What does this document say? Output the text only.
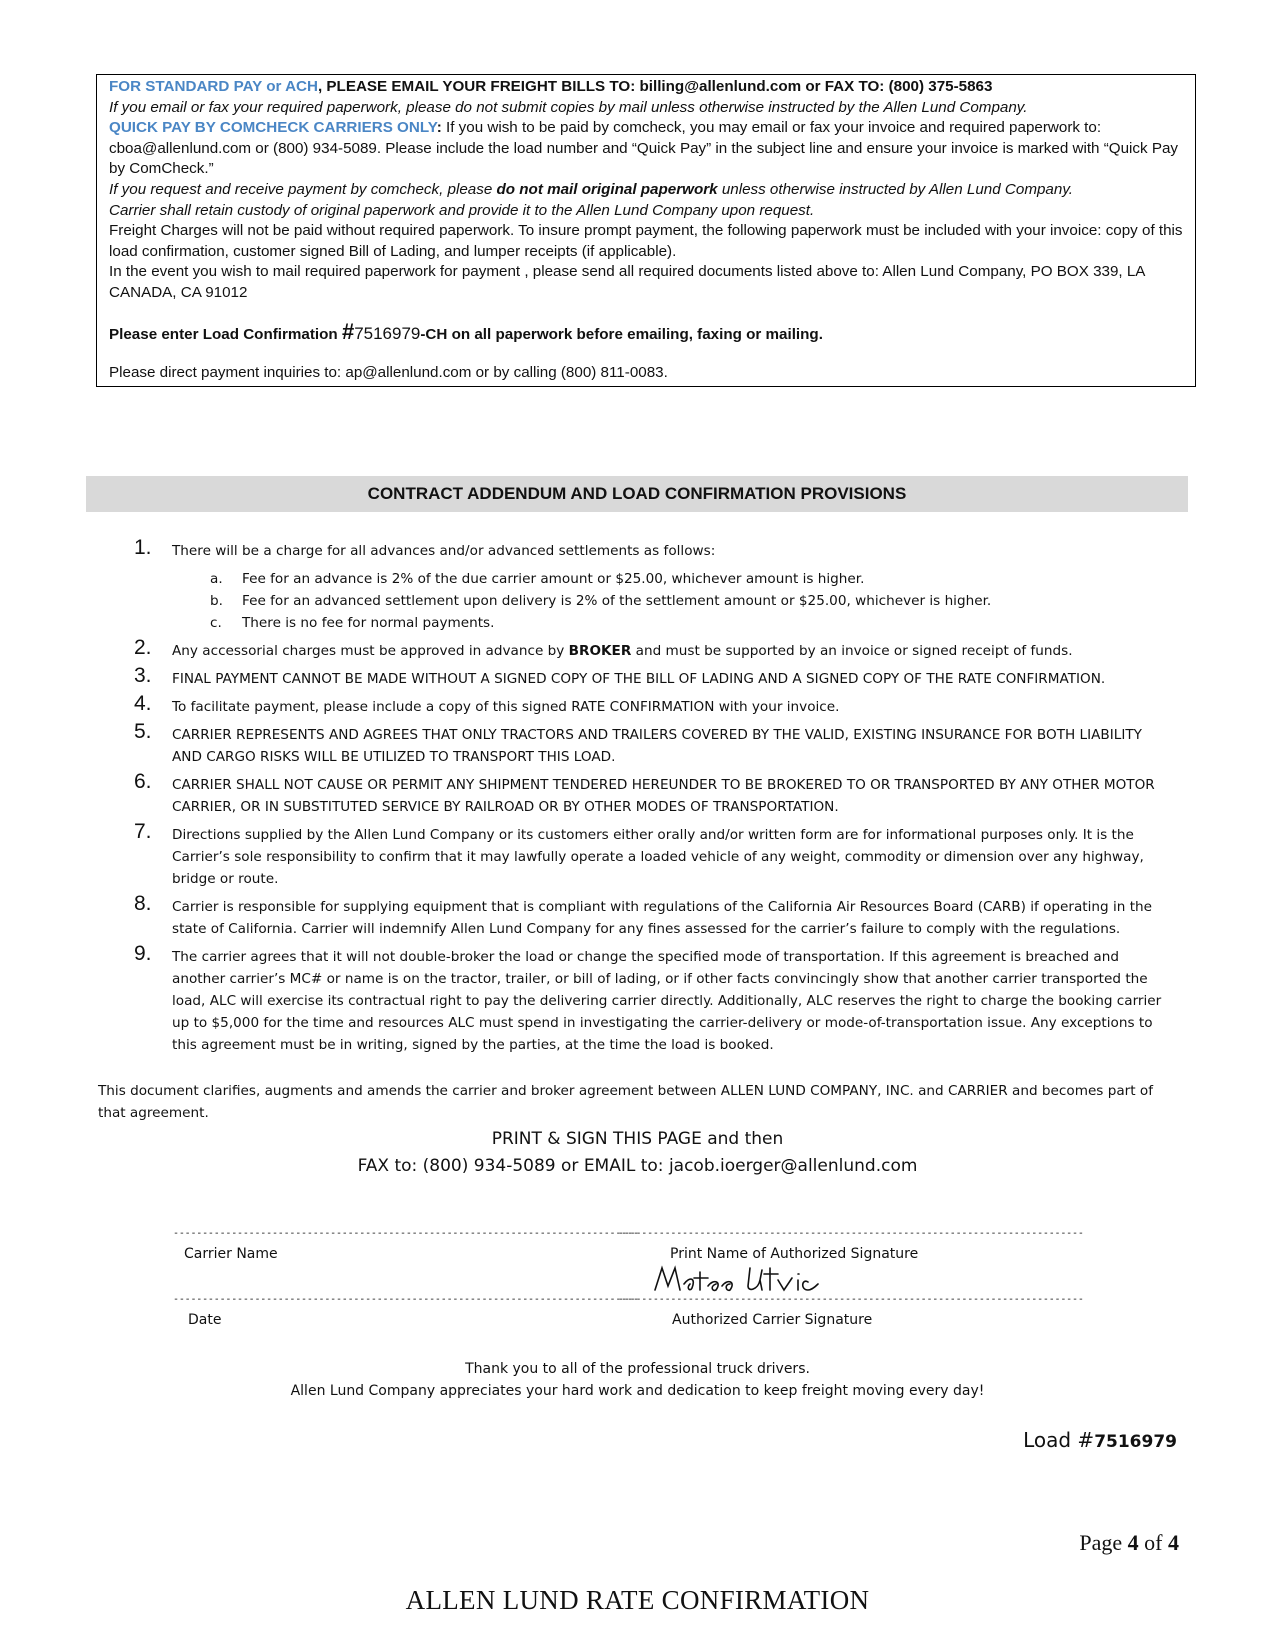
FOR STANDARD PAY or ACH, PLEASE EMAIL YOUR FREIGHT BILLS TO: billing@allenlund.com or FAX TO: (800) 375-5863

If you email or fax your required paperwork, please do not submit copies by mail unless otherwise instructed by the Allen Lund Company.

QUICK PAY BY COMCHECK CARRIERS ONLY: If you wish to be paid by comcheck, you may email or fax your invoice and required paperwork to: cboa@allenlund.com or (800) 934-5089. Please include the load number and “Quick Pay” in the subject line and ensure your invoice is marked with “Quick Pay by ComCheck.”

If you request and receive payment by comcheck, please do not mail original paperwork unless otherwise instructed by Allen Lund Company.

Carrier shall retain custody of original paperwork and provide it to the Allen Lund Company upon request.

Freight Charges will not be paid without required paperwork. To insure prompt payment, the following paperwork must be included with your invoice: copy of this load confirmation, customer signed Bill of Lading, and lumper receipts (if applicable).

In the event you wish to mail required paperwork for payment , please send all required documents listed above to: Allen Lund Company, PO BOX 339, LA CANADA, CA 91012

Please enter Load Confirmation #7516979-CH on all paperwork before emailing, faxing or mailing.

Please direct payment inquiries to: ap@allenlund.com or by calling (800) 811-0083.

CONTRACT ADDENDUM AND LOAD CONFIRMATION PROVISIONS
1. There will be a charge for all advances and/or advanced settlements as follows:
a. Fee for an advance is 2% of the due carrier amount or $25.00, whichever amount is higher.
b. Fee for an advanced settlement upon delivery is 2% of the settlement amount or $25.00, whichever is higher.
c. There is no fee for normal payments.
2. Any accessorial charges must be approved in advance by BROKER and must be supported by an invoice or signed receipt of funds.
3. FINAL PAYMENT CANNOT BE MADE WITHOUT A SIGNED COPY OF THE BILL OF LADING AND A SIGNED COPY OF THE RATE CONFIRMATION.
4. To facilitate payment, please include a copy of this signed RATE CONFIRMATION with your invoice.
5. CARRIER REPRESENTS AND AGREES THAT ONLY TRACTORS AND TRAILERS COVERED BY THE VALID, EXISTING INSURANCE FOR BOTH LIABILITY AND CARGO RISKS WILL BE UTILIZED TO TRANSPORT THIS LOAD.
6. CARRIER SHALL NOT CAUSE OR PERMIT ANY SHIPMENT TENDERED HEREUNDER TO BE BROKERED TO OR TRANSPORTED BY ANY OTHER MOTOR CARRIER, OR IN SUBSTITUTED SERVICE BY RAILROAD OR BY OTHER MODES OF TRANSPORTATION.
7. Directions supplied by the Allen Lund Company or its customers either orally and/or written form are for informational purposes only. It is the Carrier’s sole responsibility to confirm that it may lawfully operate a loaded vehicle of any weight, commodity or dimension over any highway, bridge or route.
8. Carrier is responsible for supplying equipment that is compliant with regulations of the California Air Resources Board (CARB) if operating in the state of California. Carrier will indemnify Allen Lund Company for any fines assessed for the carrier’s failure to comply with the regulations.
9. The carrier agrees that it will not double-broker the load or change the specified mode of transportation. If this agreement is breached and another carrier’s MC# or name is on the tractor, trailer, or bill of lading, or if other facts convincingly show that another carrier transported the load, ALC will exercise its contractual right to pay the delivering carrier directly. Additionally, ALC reserves the right to charge the booking carrier up to $5,000 for the time and resources ALC must spend in investigating the carrier-delivery or mode-of-transportation issue. Any exceptions to this agreement must be in writing, signed by the parties, at the time the load is booked.
This document clarifies, augments and amends the carrier and broker agreement between ALLEN LUND COMPANY, INC. and CARRIER and becomes part of that agreement.
PRINT & SIGN THIS PAGE and then
FAX to: (800) 934-5089 or EMAIL to: jacob.ioerger@allenlund.com
--------------------------------------------------------------------------------
--------------------------------------------------------------------------------
Carrier Name	Print Name of Authorized Signature
--------------------------------------------------------------------------------
--------------------------------------------------------------------------------
Date	Authorized Carrier Signature
Thank you to all of the professional truck drivers.
Allen Lund Company appreciates your hard work and dedication to keep freight moving every day!
Load #7516979
Page 4 of 4
ALLEN LUND RATE CONFIRMATION
